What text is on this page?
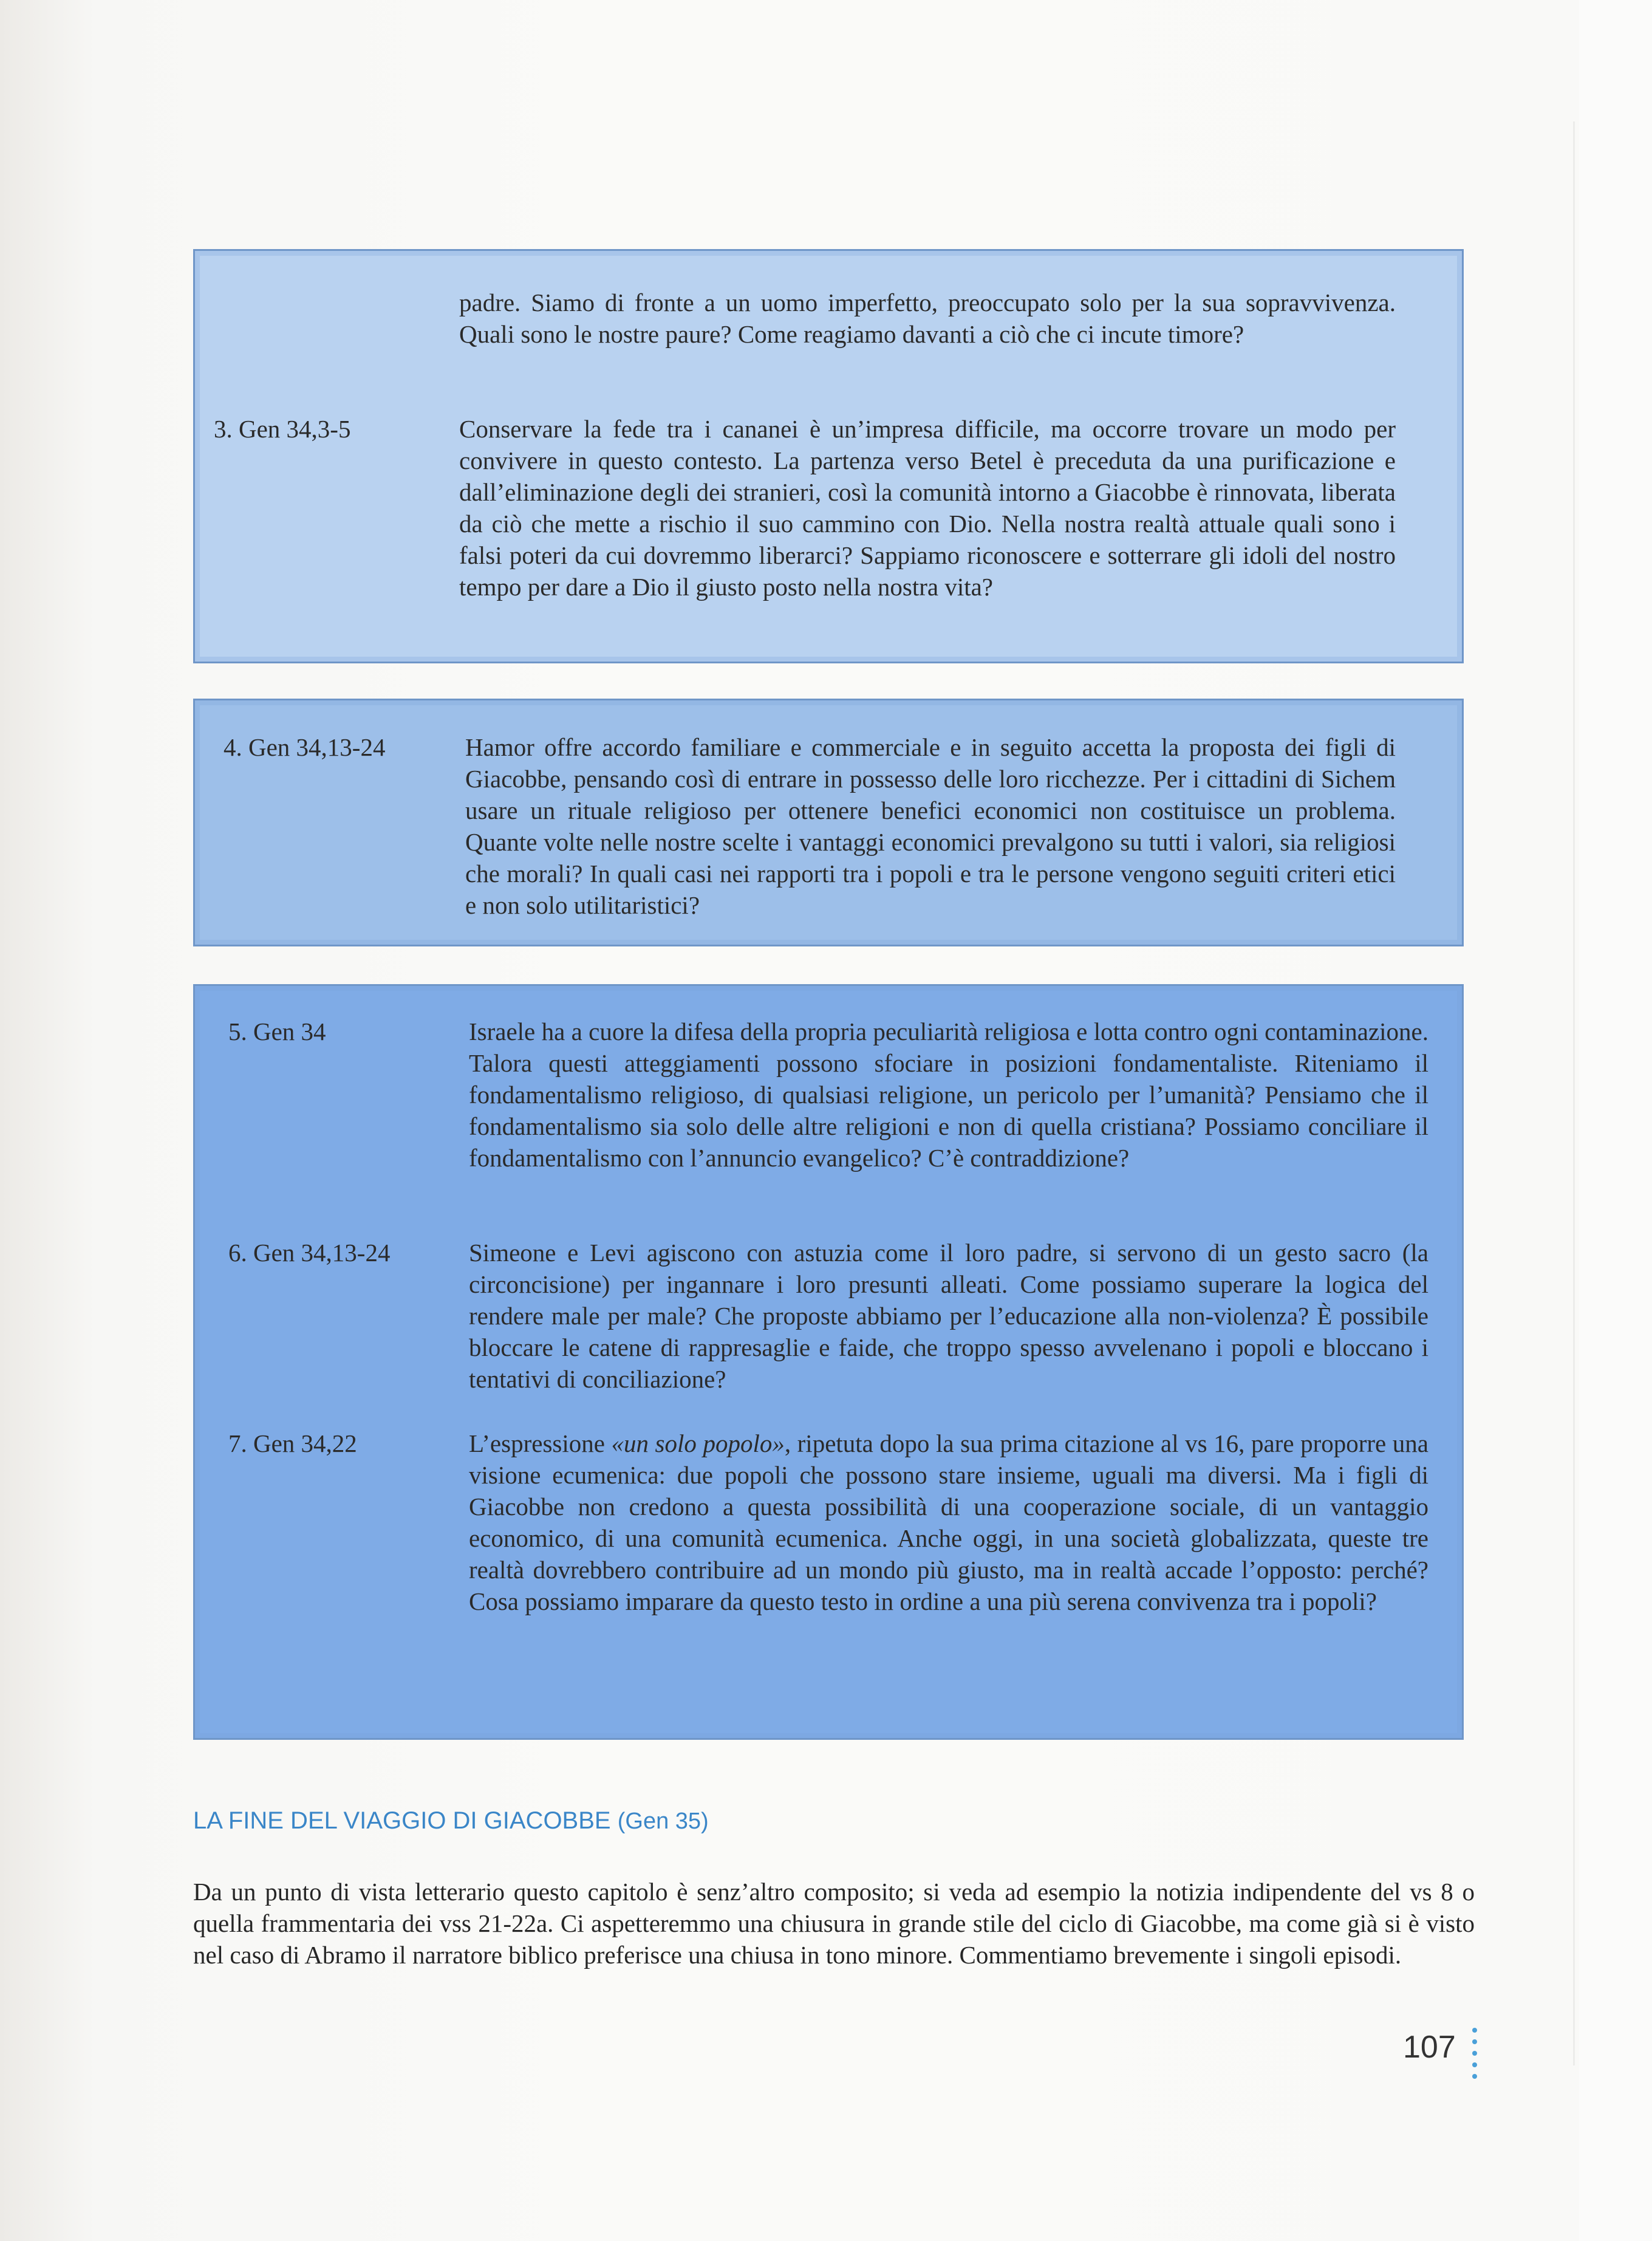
padre. Siamo di fronte a un uomo imperfetto, preoccupato solo per la sua sopravvivenza. Quali sono le nostre paure? Come reagiamo davanti a ciò che ci incute timore?
3. Gen 34,3-5	Conservare la fede tra i cananei è un’impresa difficile, ma occorre trovare un modo per convivere in questo contesto. La partenza verso Betel è preceduta da una purificazione e dall’eliminazione degli dei stranieri, così la comunità intorno a Giacobbe è rinnovata, liberata da ciò che mette a rischio il suo cammino con Dio. Nella nostra realtà attuale quali sono i falsi poteri da cui dovremmo liberarci? Sappiamo riconoscere e sotterrare gli idoli del nostro tempo per dare a Dio il giusto posto nella nostra vita?
4. Gen 34,13-24	Hamor offre accordo familiare e commerciale e in seguito accetta la proposta dei figli di Giacobbe, pensando così di entrare in possesso delle loro ricchezze. Per i cittadini di Sichem usare un rituale religioso per ottenere benefici economici non costituisce un problema. Quante volte nelle nostre scelte i vantaggi economici prevalgono su tutti i valori, sia religiosi che morali? In quali casi nei rapporti tra i popoli e tra le persone vengono seguiti criteri etici e non solo utilitaristici?
5. Gen 34	Israele ha a cuore la difesa della propria peculiarità religiosa e lotta contro ogni contaminazione. Talora questi atteggiamenti possono sfociare in posizioni fondamentaliste. Riteniamo il fondamentalismo religioso, di qualsiasi religione, un pericolo per l’umanità? Pensiamo che il fondamentalismo sia solo delle altre religioni e non di quella cristiana? Possiamo conciliare il fondamentalismo con l’annuncio evangelico? C’è contraddizione?
6. Gen 34,13-24	Simeone e Levi agiscono con astuzia come il loro padre, si servono di un gesto sacro (la circoncisione) per ingannare i loro presunti alleati. Come possiamo superare la logica del rendere male per male? Che proposte abbiamo per l’educazione alla non-violenza? È possibile bloccare le catene di rappresaglie e faide, che troppo spesso avvelenano i popoli e bloccano i tentativi di conciliazione?
7. Gen 34,22	L’espressione «un solo popolo», ripetuta dopo la sua prima citazione al vs 16, pare proporre una visione ecumenica: due popoli che possono stare insieme, uguali ma diversi. Ma i figli di Giacobbe non credono a questa possibilità di una cooperazione sociale, di un vantaggio economico, di una comunità ecumenica. Anche oggi, in una società globalizzata, queste tre realtà dovrebbero contribuire ad un mondo più giusto, ma in realtà accade l’opposto: perché? Cosa possiamo imparare da questo testo in ordine a una più serena convivenza tra i popoli?
LA FINE DEL VIAGGIO DI GIACOBBE (Gen 35)
Da un punto di vista letterario questo capitolo è senz’altro composito; si veda ad esempio la notizia indipendente del vs 8 o quella frammentaria dei vss 21-22a. Ci aspetteremmo una chiusura in grande stile del ciclo di Giacobbe, ma come già si è visto nel caso di Abramo il narratore biblico preferisce una chiusa in tono minore. Commentiamo brevemente i singoli episodi.
107
